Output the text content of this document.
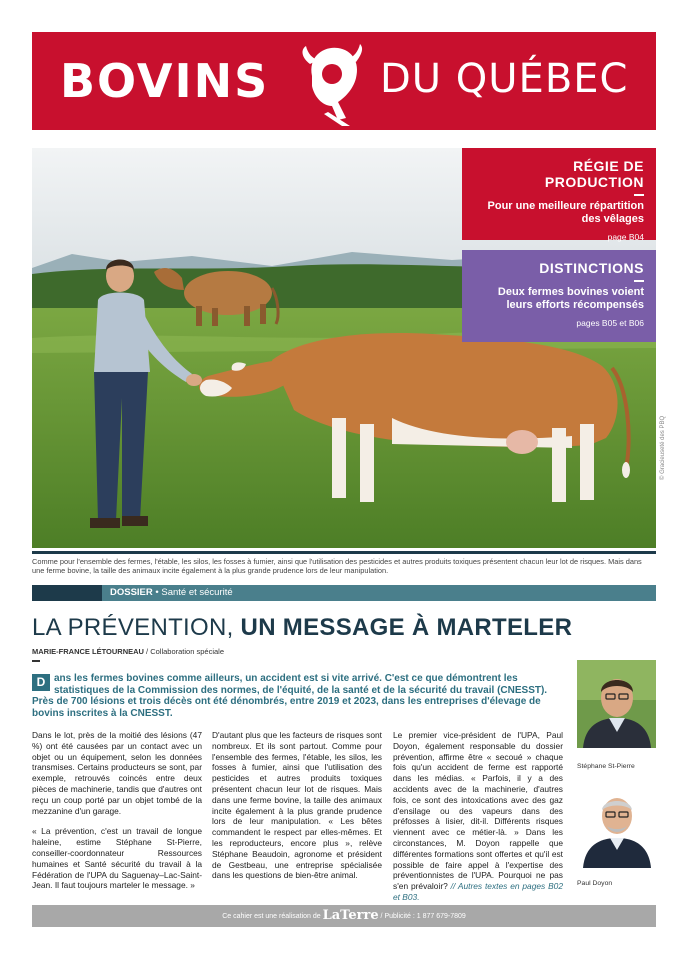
BOVINS	DU QUÉBEC
© Gracieuseté des PBQ
Comme pour l'ensemble des fermes, l'étable, les silos, les fosses à fumier, ainsi que l'utilisation des pesticides et autres produits toxiques présentent chacun leur lot de risques. Mais dans une ferme bovine, la taille des animaux incite également à la plus grande prudence lors de leur manipulation.
RÉGIE DE PRODUCTION
Pour une meilleure répartition des vêlages
page B04
DISTINCTIONS
Deux fermes bovines voient leurs efforts récompensés
pages B05 et B06
DOSSIER • Santé et sécurité
LA PRÉVENTION, UN MESSAGE À MARTELER
MARIE-FRANCE LÉTOURNEAU / Collaboration spéciale
D ans les fermes bovines comme ailleurs, un accident est si vite arrivé. C'est ce que démontrent les statistiques de la Commission des normes, de l'équité, de la santé et de la sécurité du travail (CNESST). Près de 700 lésions et trois décès ont été dénombrés, entre 2019 et 2023, dans les entreprises d'élevage de bovins inscrites à la CNESST.

Dans le lot, près de la moitié des lésions (47 %) ont été causées par un contact avec un objet ou un équipement, selon les données transmises. Certains producteurs se sont, par exemple, retrouvés coincés entre deux pièces de machinerie, tandis que d'autres ont reçu un coup porté par un objet tombé de la mezzanine d'un garage.

« La prévention, c'est un travail de longue haleine, estime Stéphane St-Pierre, conseiller-coordonnateur Ressources humaines et Santé sécurité du travail à la Fédération de l'UPA du Saguenay–Lac-Saint-Jean. Il faut toujours marteler le message. »

D'autant plus que les facteurs de risques sont nombreux. Et ils sont partout. Comme pour l'ensemble des fermes, l'étable, les silos, les fosses à fumier, ainsi que l'utilisation des pesticides et autres produits toxiques présentent chacun leur lot de risques. Mais dans une ferme bovine, la taille des animaux incite également à la plus grande prudence lors de leur manipulation. « Les bêtes commandent le respect par elles-mêmes. Et les reproducteurs, encore plus », relève Stéphane Beaudoin, agronome et président de Gestbeau, une entreprise spécialisée dans les questions de bien-être animal.

Le premier vice-président de l'UPA, Paul Doyon, également responsable du dossier prévention, affirme être « secoué » chaque fois qu'un accident de ferme est rapporté dans les médias. « Parfois, il y a des accidents avec de la machinerie, d'autres fois, ce sont des intoxications avec des gaz d'ensilage ou des vapeurs dans des préfosses à lisier, dit-il. Différents risques viennent avec ce métier-là. » Dans les circonstances, M. Doyon rappelle que différentes formations sont offertes et qu'il est possible de faire appel à l'expertise des préventionnistes de l'UPA. Pourquoi ne pas s'en prévaloir? // Autres textes en pages B02 et B03.

Stéphane St-Pierre
Paul Doyon
Ce cahier est une réalisation de LaTerre / Publicité : 1 877 679-7809
